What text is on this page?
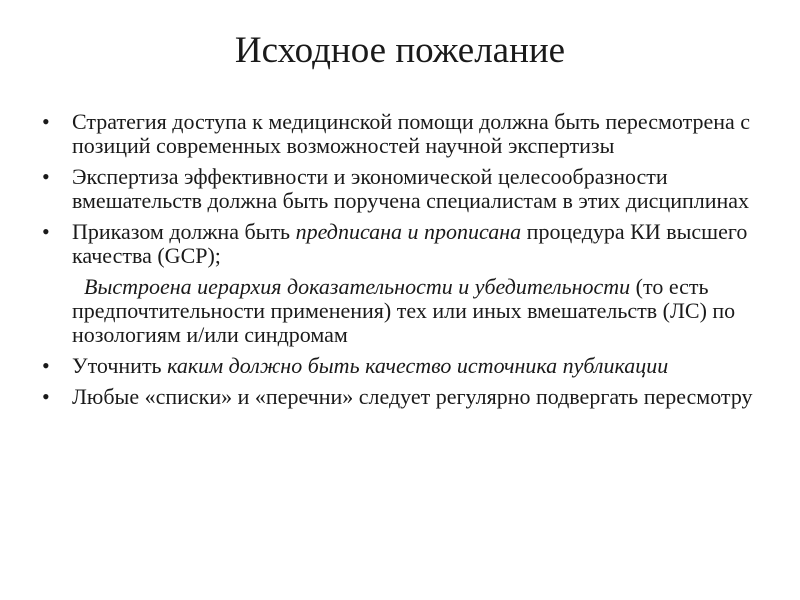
Исходное пожелание
•	Стратегия доступа к медицинской помощи должна быть пересмотрена с позиций современных возможностей научной экспертизы
•	Экспертиза эффективности и экономической целесообразности вмешательств должна быть поручена специалистам в этих дисциплинах
•	Приказом должна быть предписана и прописана процедура КИ высшего качества (GCP);
Выстроена иерархия доказательности и убедительности (то есть предпочтительности применения) тех или иных вмешательств (ЛС) по нозологиям и/или синдромам
•	Уточнить каким должно быть качество источника публикации
•	Любые «списки» и «перечни» следует регулярно подвергать пересмотру
